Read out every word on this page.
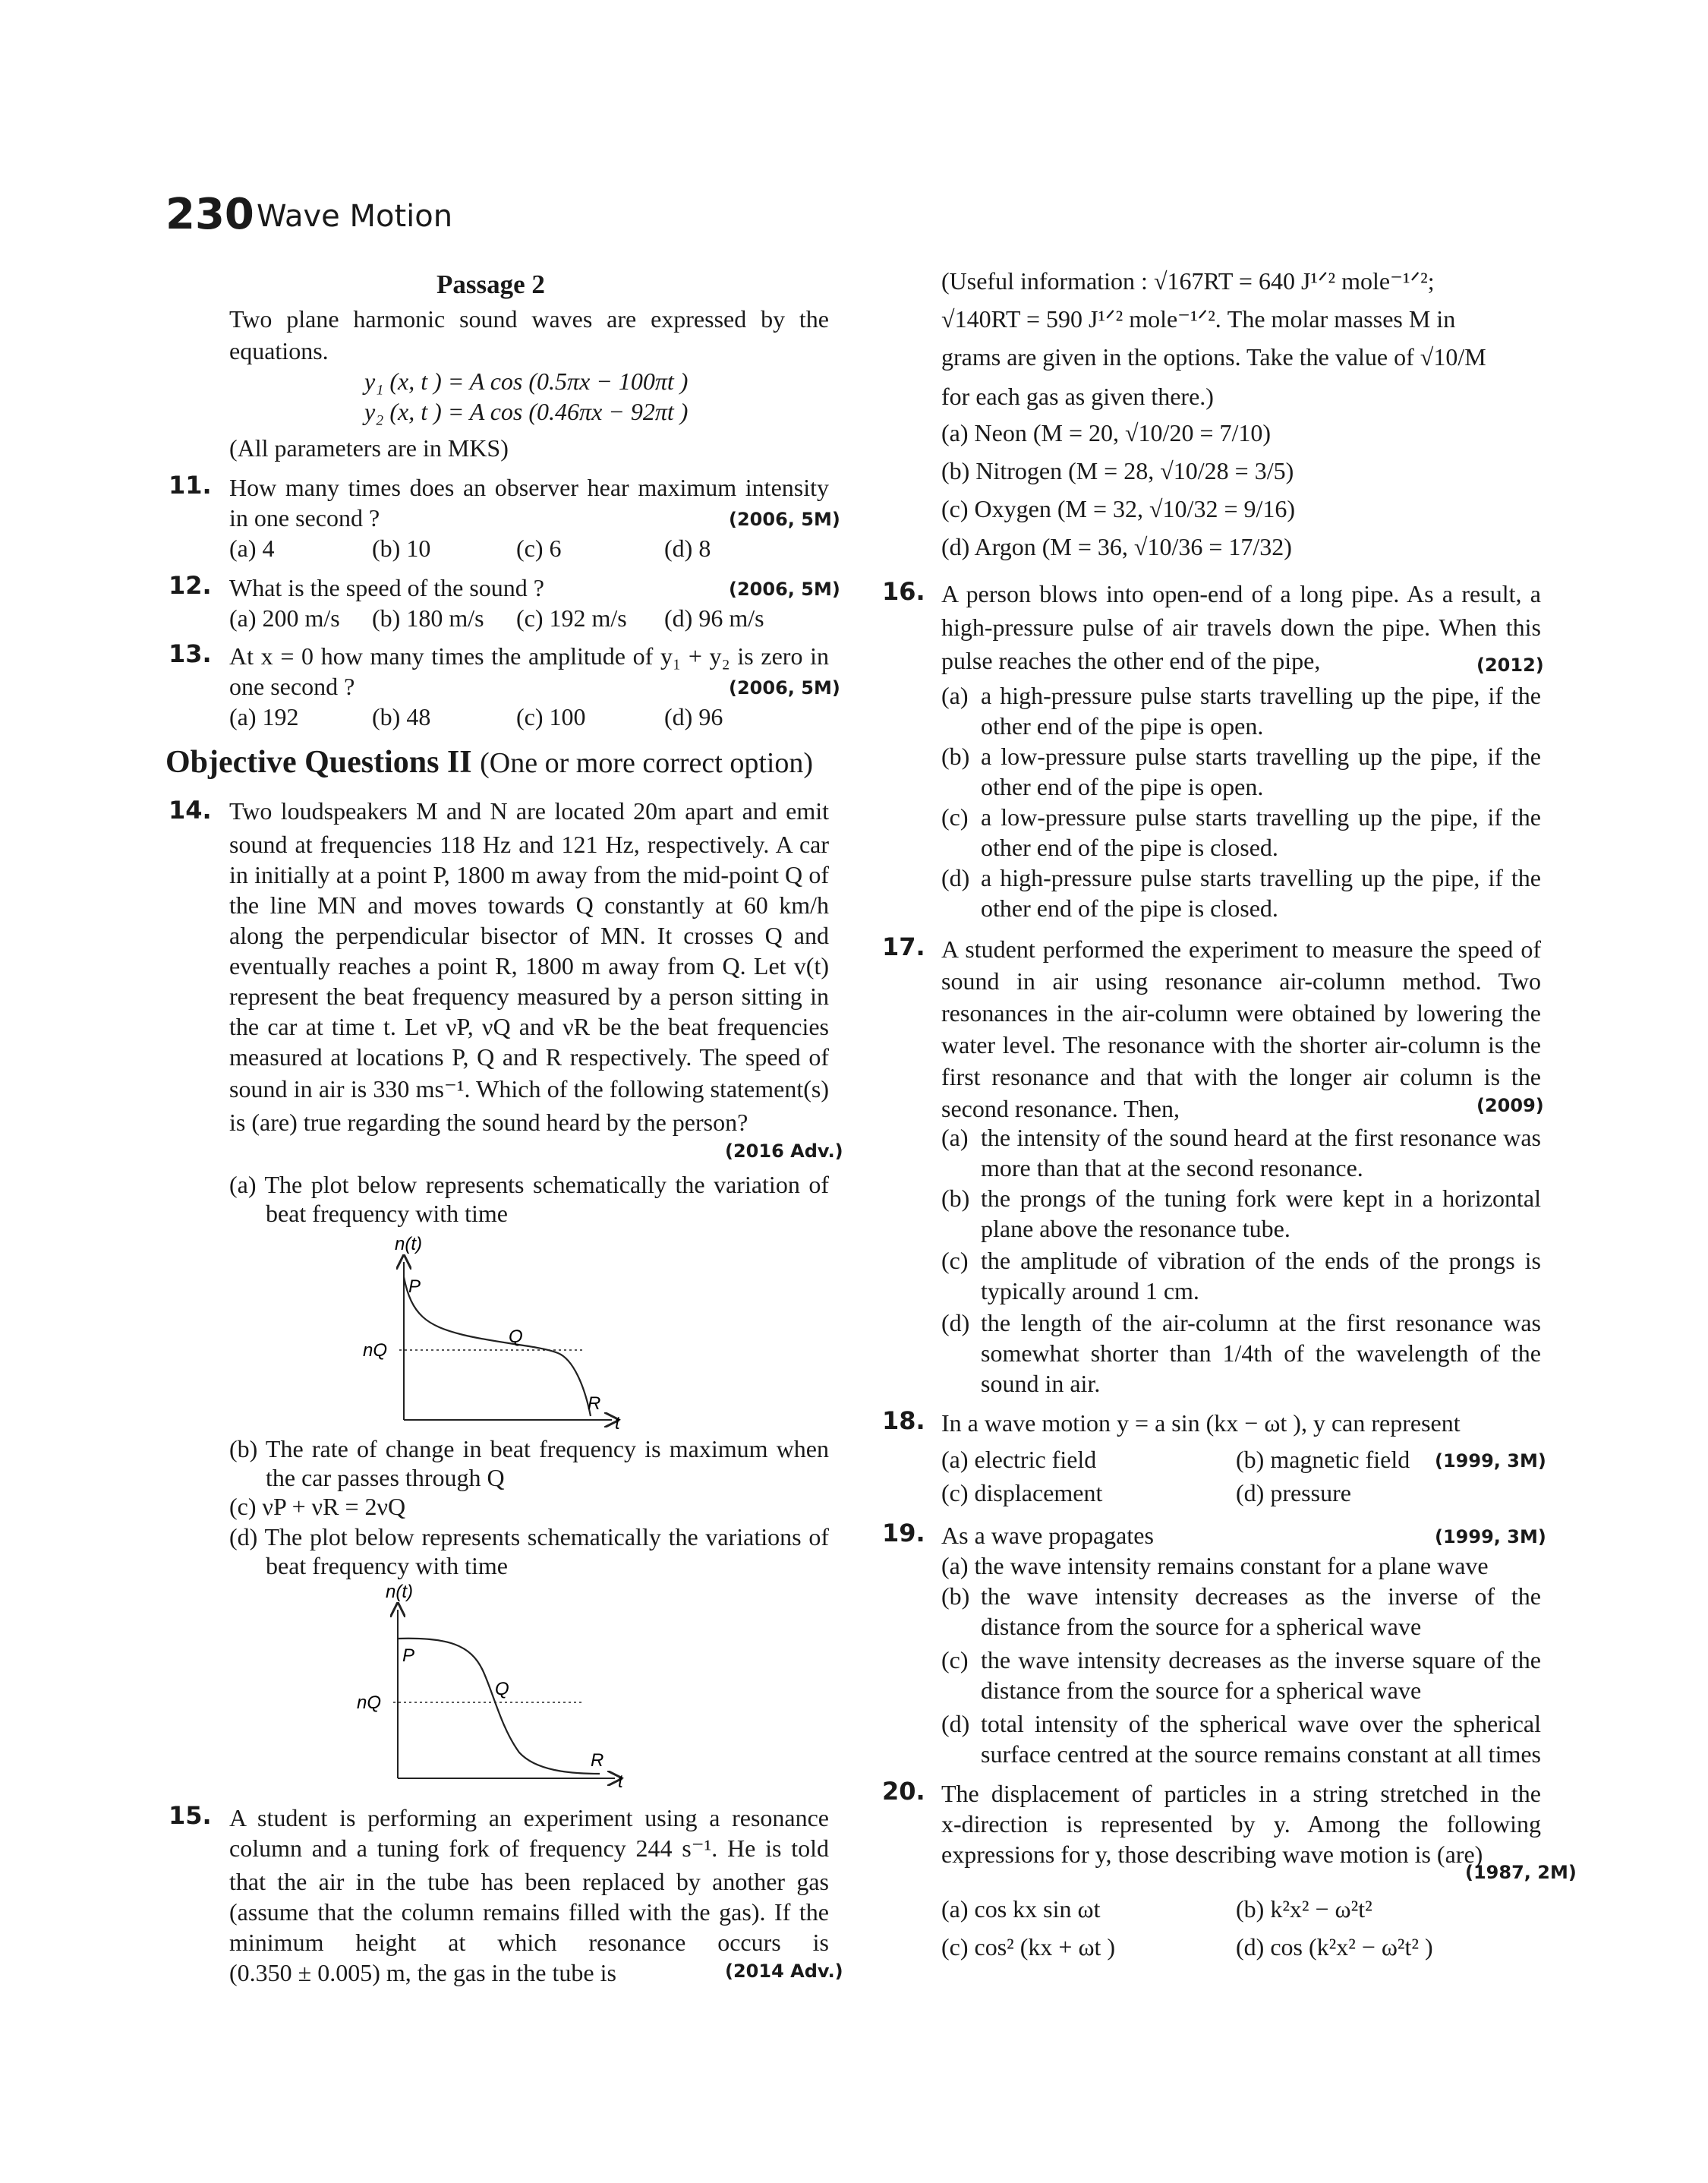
230 Wave Motion
Passage 2
Two plane harmonic sound waves are expressed by the
equations.
y₁ (x, t ) = A cos (0.5πx − 100πt )
y₂ (x, t ) = A cos (0.46πx − 92πt )
(All parameters are in MKS)
11. How many times does an observer hear maximum intensity
in one second ?	(2006, 5M)
(a) 4	(b) 10	(c) 6	(d) 8
12. What is the speed of the sound ?	(2006, 5M)
(a) 200 m/s (b) 180 m/s (c) 192 m/s (d) 96 m/s
13. At x = 0 how many times the amplitude of y₁ + y₂ is zero in
one second ?	(2006, 5M)
(a) 192	(b) 48	(c) 100	(d) 96
Objective Questions II (One or more correct option)
14. Two loudspeakers M and N are located 20m apart and emit
sound at frequencies 118 Hz and 121 Hz, respectively. A car
in initially at a point P, 1800 m away from the mid-point Q of
the line MN and moves towards Q constantly at 60 km/h
along the perpendicular bisector of MN. It crosses Q and
eventually reaches a point R, 1800 m away from Q. Let v(t)
represent the beat frequency measured by a person sitting in
the car at time t. Let νP, νQ and νR be the beat frequencies
measured at locations P, Q and R respectively. The speed of
sound in air is 330 ms⁻¹. Which of the following statement(s)
is (are) true regarding the sound heard by the person?
(2016 Adv.)
(a) The plot below represents schematically the variation of
beat frequency with time
n(t)
P
Q
R
nQ
t
(b) The rate of change in beat frequency is maximum when
the car passes through Q
(c) νP + νR = 2νQ
(d) The plot below represents schematically the variations of
beat frequency with time
n(t)
P
Q
R
nQ
t
15. A student is performing an experiment using a resonance
column and a tuning fork of frequency 244 s⁻¹. He is told
that the air in the tube has been replaced by another gas
(assume that the column remains filled with the gas). If the
minimum height at which resonance occurs is
(0.350 ± 0.005) m, the gas in the tube is	(2014 Adv.)
(Useful information : √167RT = 640 J¹ᐟ² mole⁻¹ᐟ²;
√140RT = 590 J¹ᐟ² mole⁻¹ᐟ². The molar masses M in
grams are given in the options. Take the value of √10/M
for each gas as given there.)
(a) Neon (M = 20, √10/20 = 7/10)
(b) Nitrogen (M = 28, √10/28 = 3/5)
(c) Oxygen (M = 32, √10/32 = 9/16)
(d) Argon (M = 36, √10/36 = 17/32)
16. A person blows into open-end of a long pipe. As a result, a
high-pressure pulse of air travels down the pipe. When this
pulse reaches the other end of the pipe,	(2012)
(a) a high-pressure pulse starts travelling up the pipe, if the
other end of the pipe is open.
(b) a low-pressure pulse starts travelling up the pipe, if the
other end of the pipe is open.
(c) a low-pressure pulse starts travelling up the pipe, if the
other end of the pipe is closed.
(d) a high-pressure pulse starts travelling up the pipe, if the
other end of the pipe is closed.
17. A student performed the experiment to measure the speed of
sound in air using resonance air-column method. Two
resonances in the air-column were obtained by lowering the
water level. The resonance with the shorter air-column is the
first resonance and that with the longer air column is the
second resonance. Then,	(2009)
(a) the intensity of the sound heard at the first resonance was
more than that at the second resonance.
(b) the prongs of the tuning fork were kept in a horizontal
plane above the resonance tube.
(c) the amplitude of vibration of the ends of the prongs is
typically around 1 cm.
(d) the length of the air-column at the first resonance was
somewhat shorter than 1/4th of the wavelength of the
sound in air.
18. In a wave motion y = a sin (kx − ωt ), y can represent
(a) electric field	(b) magnetic field (1999, 3M)
(c) displacement	(d) pressure
19. As a wave propagates	(1999, 3M)
(a) the wave intensity remains constant for a plane wave
(b) the wave intensity decreases as the inverse of the
distance from the source for a spherical wave
(c) the wave intensity decreases as the inverse square of the
distance from the source for a spherical wave
(d) total intensity of the spherical wave over the spherical
surface centred at the source remains constant at all times
20. The displacement of particles in a string stretched in the
x-direction is represented by y. Among the following
expressions for y, those describing wave motion is (are)
(1987, 2M)
(a) cos kx sin ωt	(b) k²x² − ω²t²
(c) cos² (kx + ωt )	(d) cos (k²x² − ω²t² )
